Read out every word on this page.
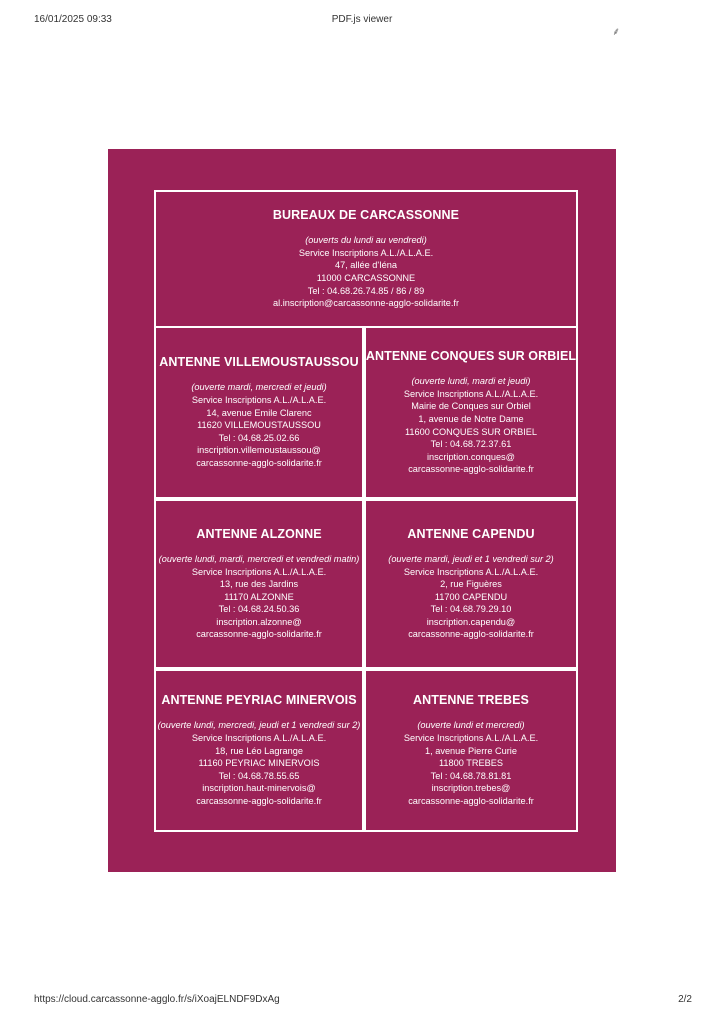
16/01/2025 09:33	PDF.js viewer
⸙
BUREAUX DE CARCASSONNE
(ouverts du lundi au vendredi)
Service Inscriptions A.L./A.L.A.E.
47, allée d'Iéna
11000 CARCASSONNE
Tel : 04.68.26.74.85 / 86 / 89
al.inscription@carcassonne-agglo-solidarite.fr
ANTENNE VILLEMOUSTAUSSOU
(ouverte mardi, mercredi et jeudi)
Service Inscriptions A.L./A.L.A.E.
14, avenue Emile Clarenc
11620 VILLEMOUSTAUSSOU
Tel : 04.68.25.02.66
inscription.villemoustaussou@
carcassonne-agglo-solidarite.fr
ANTENNE CONQUES SUR ORBIEL
(ouverte lundi, mardi et jeudi)
Service Inscriptions A.L./A.L.A.E.
Mairie de Conques sur Orbiel
1, avenue de Notre Dame
11600 CONQUES SUR ORBIEL
Tel : 04.68.72.37.61
inscription.conques@
carcassonne-agglo-solidarite.fr
ANTENNE ALZONNE
(ouverte lundi, mardi, mercredi et vendredi matin)
Service Inscriptions A.L./A.L.A.E.
13, rue des Jardins
11170 ALZONNE
Tel : 04.68.24.50.36
inscription.alzonne@
carcassonne-agglo-solidarite.fr
ANTENNE CAPENDU
(ouverte mardi, jeudi et 1 vendredi sur 2)
Service Inscriptions A.L./A.L.A.E.
2, rue Figuères
11700 CAPENDU
Tel : 04.68.79.29.10
inscription.capendu@
carcassonne-agglo-solidarite.fr
ANTENNE PEYRIAC MINERVOIS
(ouverte lundi, mercredi, jeudi et 1 vendredi sur 2)
Service Inscriptions A.L./A.L.A.E.
18, rue Léo Lagrange
11160 PEYRIAC MINERVOIS
Tel : 04.68.78.55.65
inscription.haut-minervois@
carcassonne-agglo-solidarite.fr
ANTENNE TREBES
(ouverte lundi et mercredi)
Service Inscriptions A.L./A.L.A.E.
1, avenue Pierre Curie
11800 TREBES
Tel : 04.68.78.81.81
inscription.trebes@
carcassonne-agglo-solidarite.fr
https://cloud.carcassonne-agglo.fr/s/iXoajELNDF9DxAg	2/2
